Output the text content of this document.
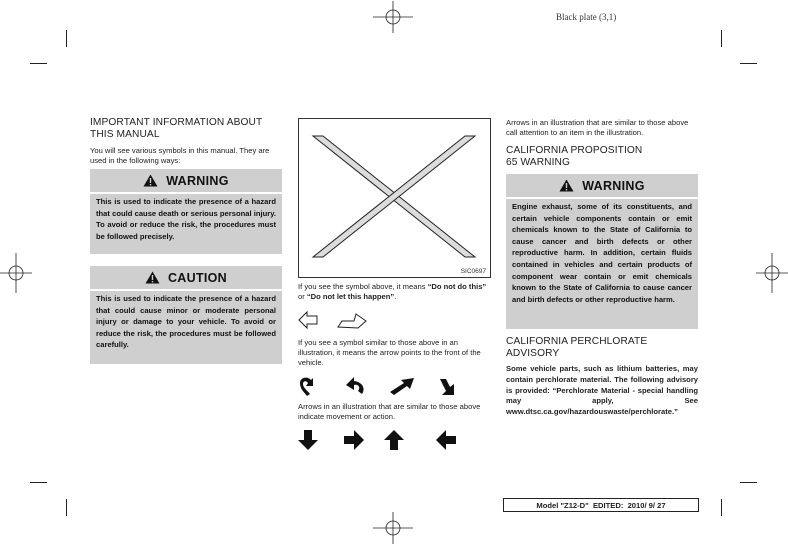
Black plate (3,1)
IMPORTANT INFORMATION ABOUT THIS MANUAL
You will see various symbols in this manual. They are used in the following ways:
WARNING
This is used to indicate the presence of a hazard that could cause death or serious personal injury. To avoid or reduce the risk, the procedures must be followed precisely.
CAUTION
This is used to indicate the presence of a hazard that could cause minor or moderate personal injury or damage to your vehicle. To avoid or reduce the risk, the procedures must be followed carefully.
SIC0697
If you see the symbol above, it means “Do not do this” or “Do not let this happen”.
If you see a symbol similar to those above in an illustration, it means the arrow points to the front of the vehicle.
Arrows in an illustration that are similar to those above indicate movement or action.
Arrows in an illustration that are similar to those above call attention to an item in the illustration.
CALIFORNIA PROPOSITION 65 WARNING
WARNING
Engine exhaust, some of its constituents, and certain vehicle components contain or emit chemicals known to the State of California to cause cancer and birth defects or other reproductive harm. In addition, certain fluids contained in vehicles and certain products of component wear contain or emit chemicals known to the State of California to cause cancer and birth defects or other reproductive harm.
CALIFORNIA PERCHLORATE ADVISORY
Some vehicle parts, such as lithium batteries, may contain perchlorate material. The following advisory is provided: “Perchlorate Material - special handling may apply, See www.dtsc.ca.gov/hazardouswaste/perchlorate.”
Model "Z12-D"  EDITED:  2010/ 9/ 27
